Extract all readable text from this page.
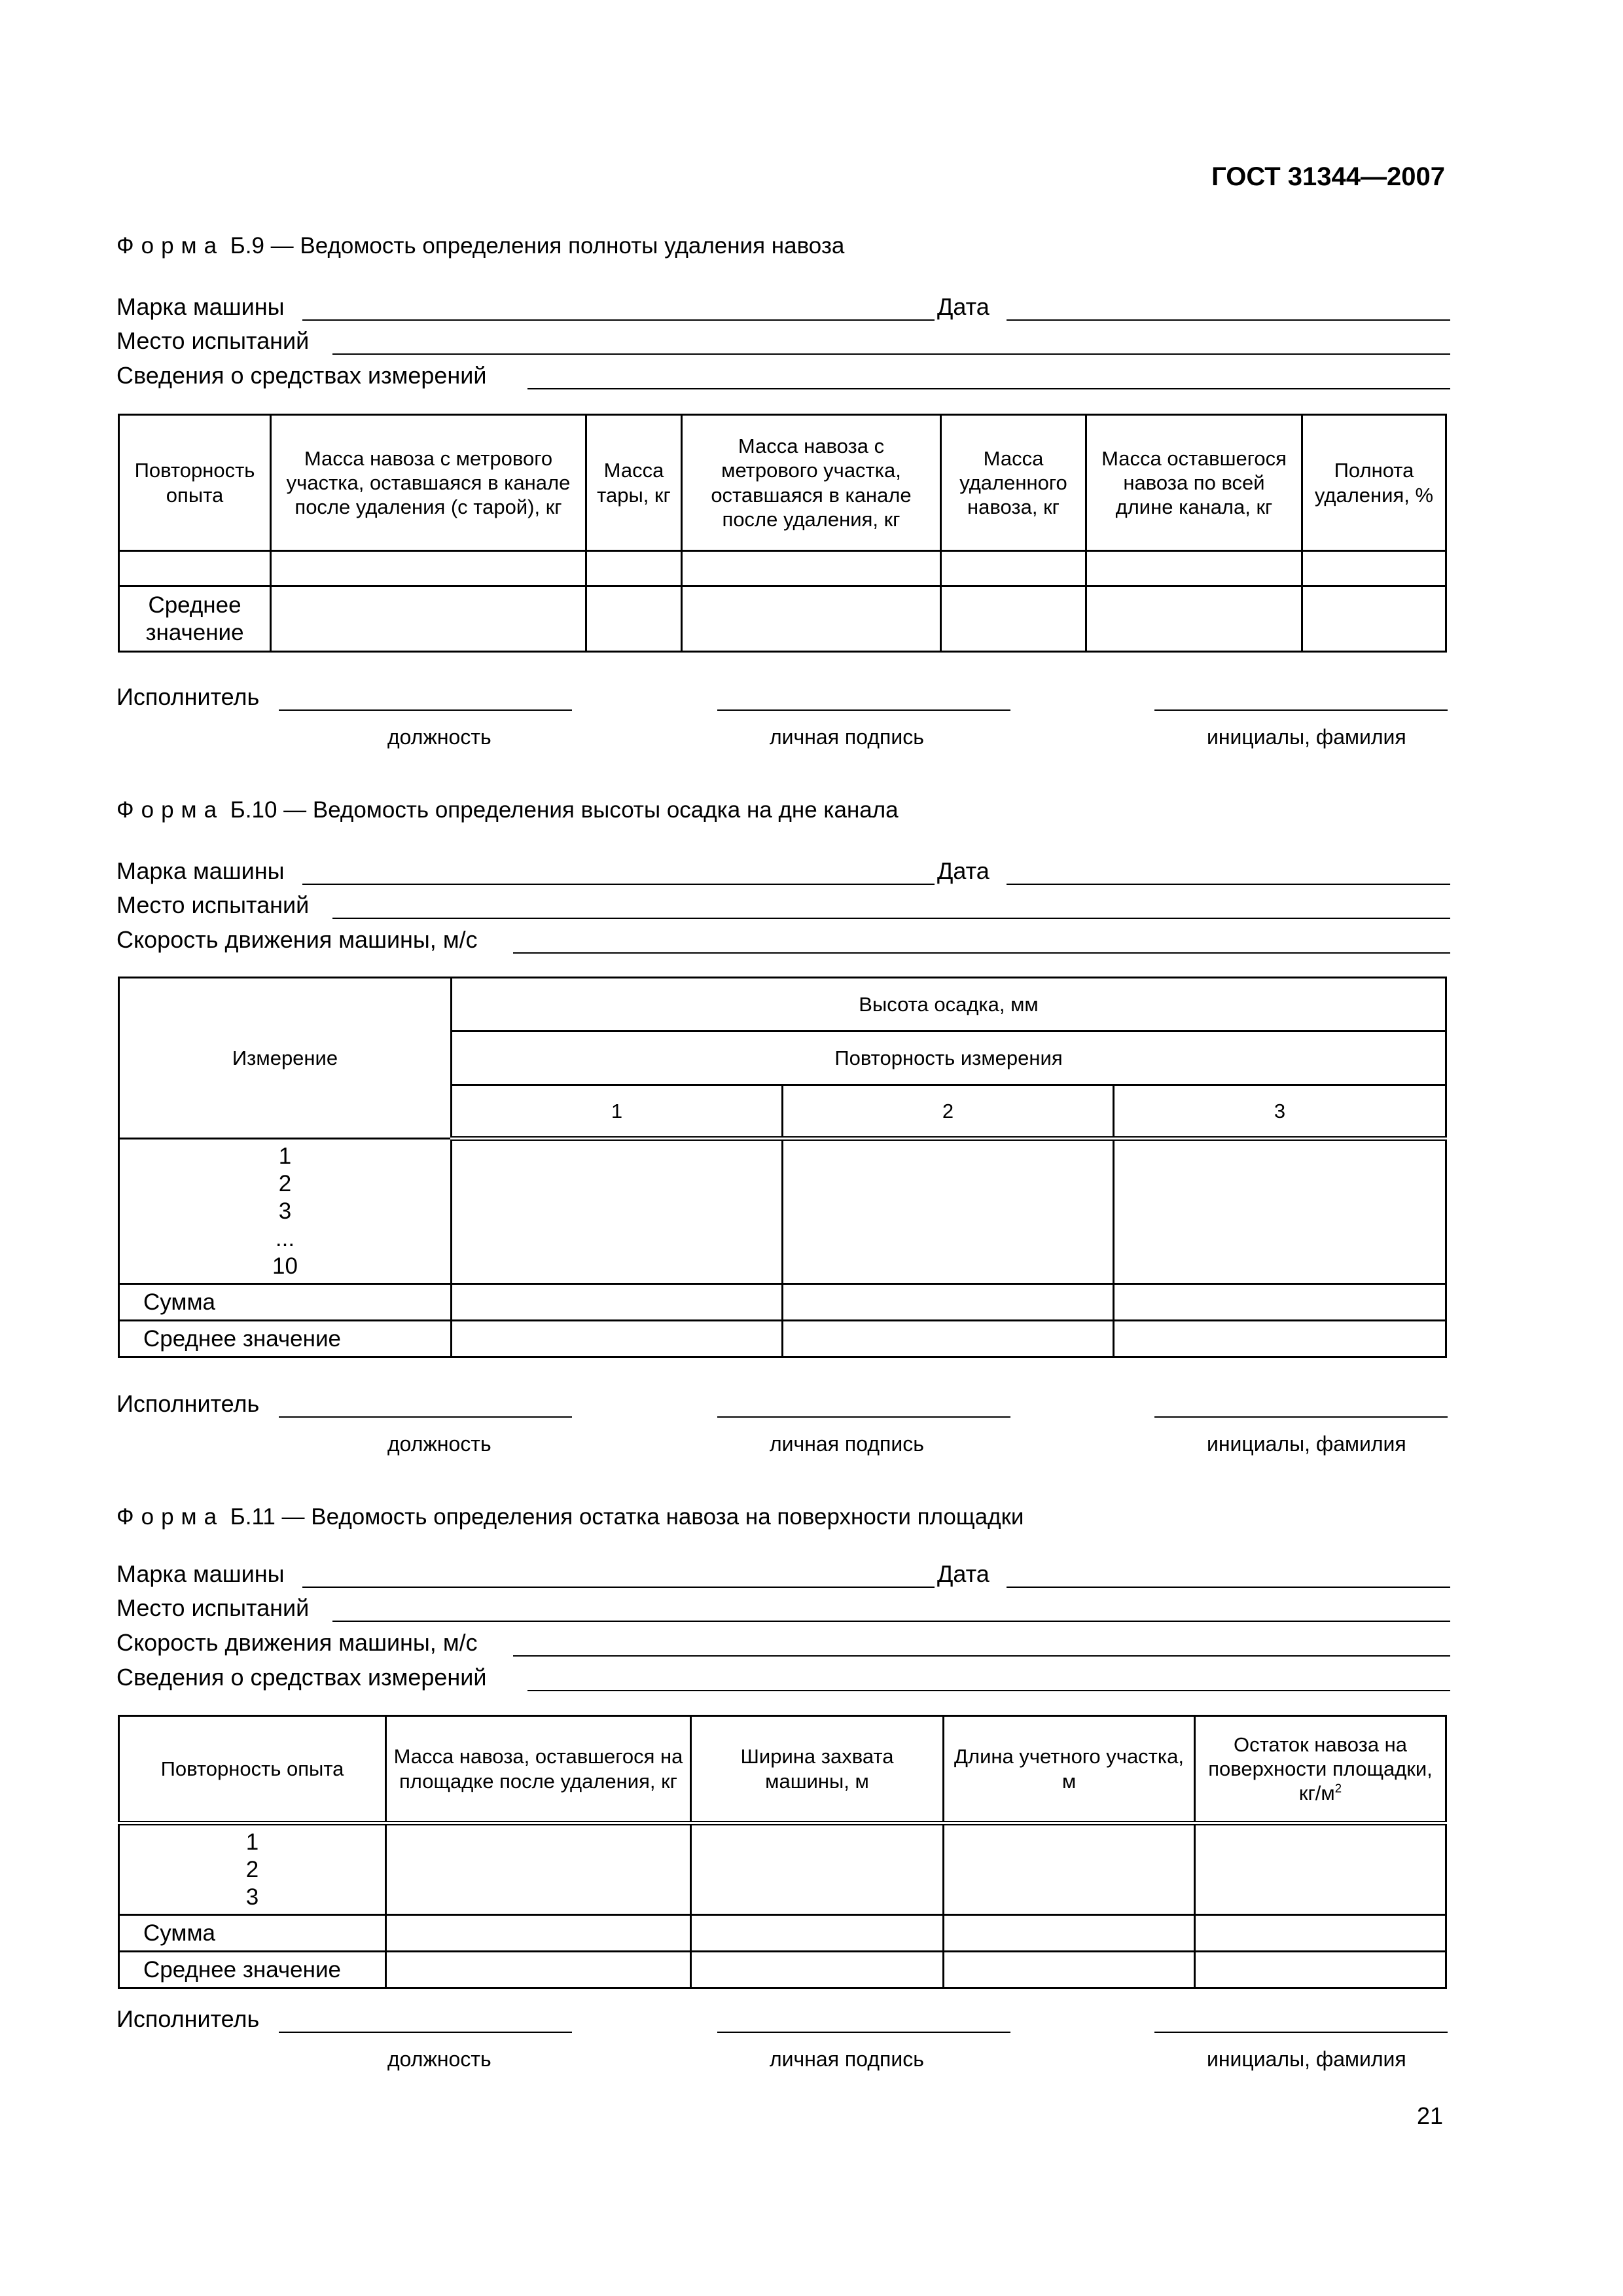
ГОСТ 31344—2007
Форма Б.9 — Ведомость определения полноты удаления навоза
Марка машины	Дата
Место испытаний
Сведения о средствах измерений
Повторность опыта	Масса навоза с метрового участка, оставшаяся в канале после удаления (с тарой), кг	Масса тары, кг	Масса навоза с метрового участка, оставшаяся в канале после удаления, кг	Масса удаленного навоза, кг	Масса оставшегося навоза по всей длине канала, кг	Полнота удаления, %

Среднее значение						
Исполнитель
должность	личная подпись	инициалы, фамилия
Форма Б.10 — Ведомость определения высоты осадка на дне канала
Марка машины	Дата
Место испытаний
Скорость движения машины, м/с
Измерение	Высота осадка, мм		
	Повторность измерения		
	1	2	3

1
2
3
...
10			

Сумма			
Среднее значение			
Исполнитель
должность	личная подпись	инициалы, фамилия
Форма Б.11 — Ведомость определения остатка навоза на поверхности площадки
Марка машины	Дата
Место испытаний
Скорость движения машины, м/с
Сведения о средствах измерений
Повторность опыта	Масса навоза, оставшегося на площадке после удаления, кг	Ширина захвата машины, м	Длина учетного участка, м	Остаток навоза на поверхности площадки, $кг/м^2$

1
2
3				

Сумма				
Среднее значение				
Исполнитель
должность	личная подпись	инициалы, фамилия
21
